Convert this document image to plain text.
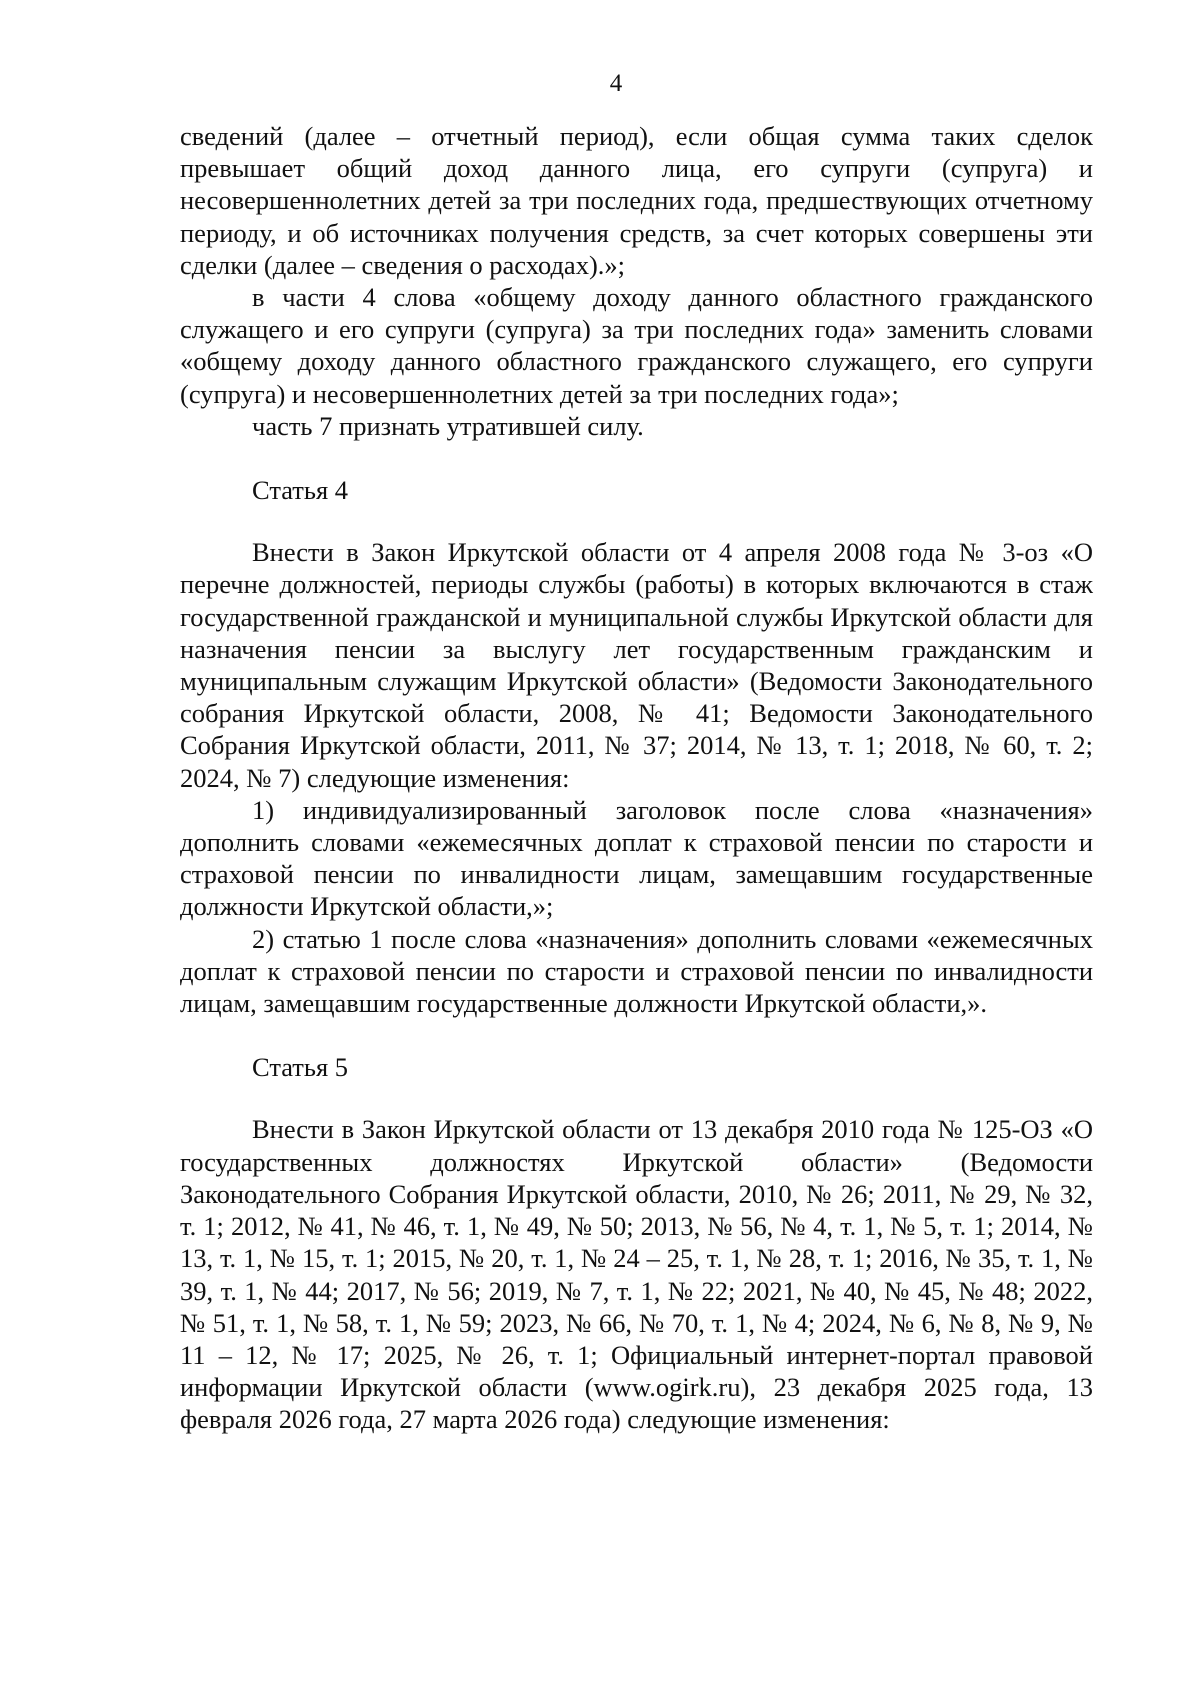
4

сведений (далее – отчетный период), если общая сумма таких сделок превышает общий доход данного лица, его супруги (супруга) и несовершеннолетних детей за три последних года, предшествующих отчетному периоду, и об источниках получения средств, за счет которых совершены эти сделки (далее – сведения о расходах).»;

в части 4 слова «общему доходу данного областного гражданского служащего и его супруги (супруга) за три последних года» заменить словами «общему доходу данного областного гражданского служащего, его супруги (супруга) и несовершеннолетних детей за три последних года»;

часть 7 признать утратившей силу.

Статья 4

Внести в Закон Иркутской области от 4 апреля 2008 года № 3-оз «О перечне должностей, периоды службы (работы) в которых включаются в стаж государственной гражданской и муниципальной службы Иркутской области для назначения пенсии за выслугу лет государственным гражданским и муниципальным служащим Иркутской области» (Ведомости Законодательного собрания Иркутской области, 2008, № 41; Ведомости Законодательного Собрания Иркутской области, 2011, № 37; 2014, № 13, т. 1; 2018, № 60, т. 2; 2024, № 7) следующие изменения:

1) индивидуализированный заголовок после слова «назначения» дополнить словами «ежемесячных доплат к страховой пенсии по старости и страховой пенсии по инвалидности лицам, замещавшим государственные должности Иркутской области,»;

2) статью 1 после слова «назначения» дополнить словами «ежемесячных доплат к страховой пенсии по старости и страховой пенсии по инвалидности лицам, замещавшим государственные должности Иркутской области,».

Статья 5

Внести в Закон Иркутской области от 13 декабря 2010 года № 125-ОЗ «О государственных должностях Иркутской области» (Ведомости Законодательного Собрания Иркутской области, 2010, № 26; 2011, № 29, № 32, т. 1; 2012, № 41, № 46, т. 1, № 49, № 50; 2013, № 56, № 4, т. 1, № 5, т. 1; 2014, № 13, т. 1, № 15, т. 1; 2015, № 20, т. 1, № 24 – 25, т. 1, № 28, т. 1; 2016, № 35, т. 1, № 39, т. 1, № 44; 2017, № 56; 2019, № 7, т. 1, № 22; 2021, № 40, № 45, № 48; 2022, № 51, т. 1, № 58, т. 1, № 59; 2023, № 66, № 70, т. 1, № 4; 2024, № 6, № 8, № 9, № 11 – 12, № 17; 2025, № 26, т. 1; Официальный интернет-портал правовой информации Иркутской области (www.ogirk.ru), 23 декабря 2025 года, 13 февраля 2026 года, 27 марта 2026 года) следующие изменения:
